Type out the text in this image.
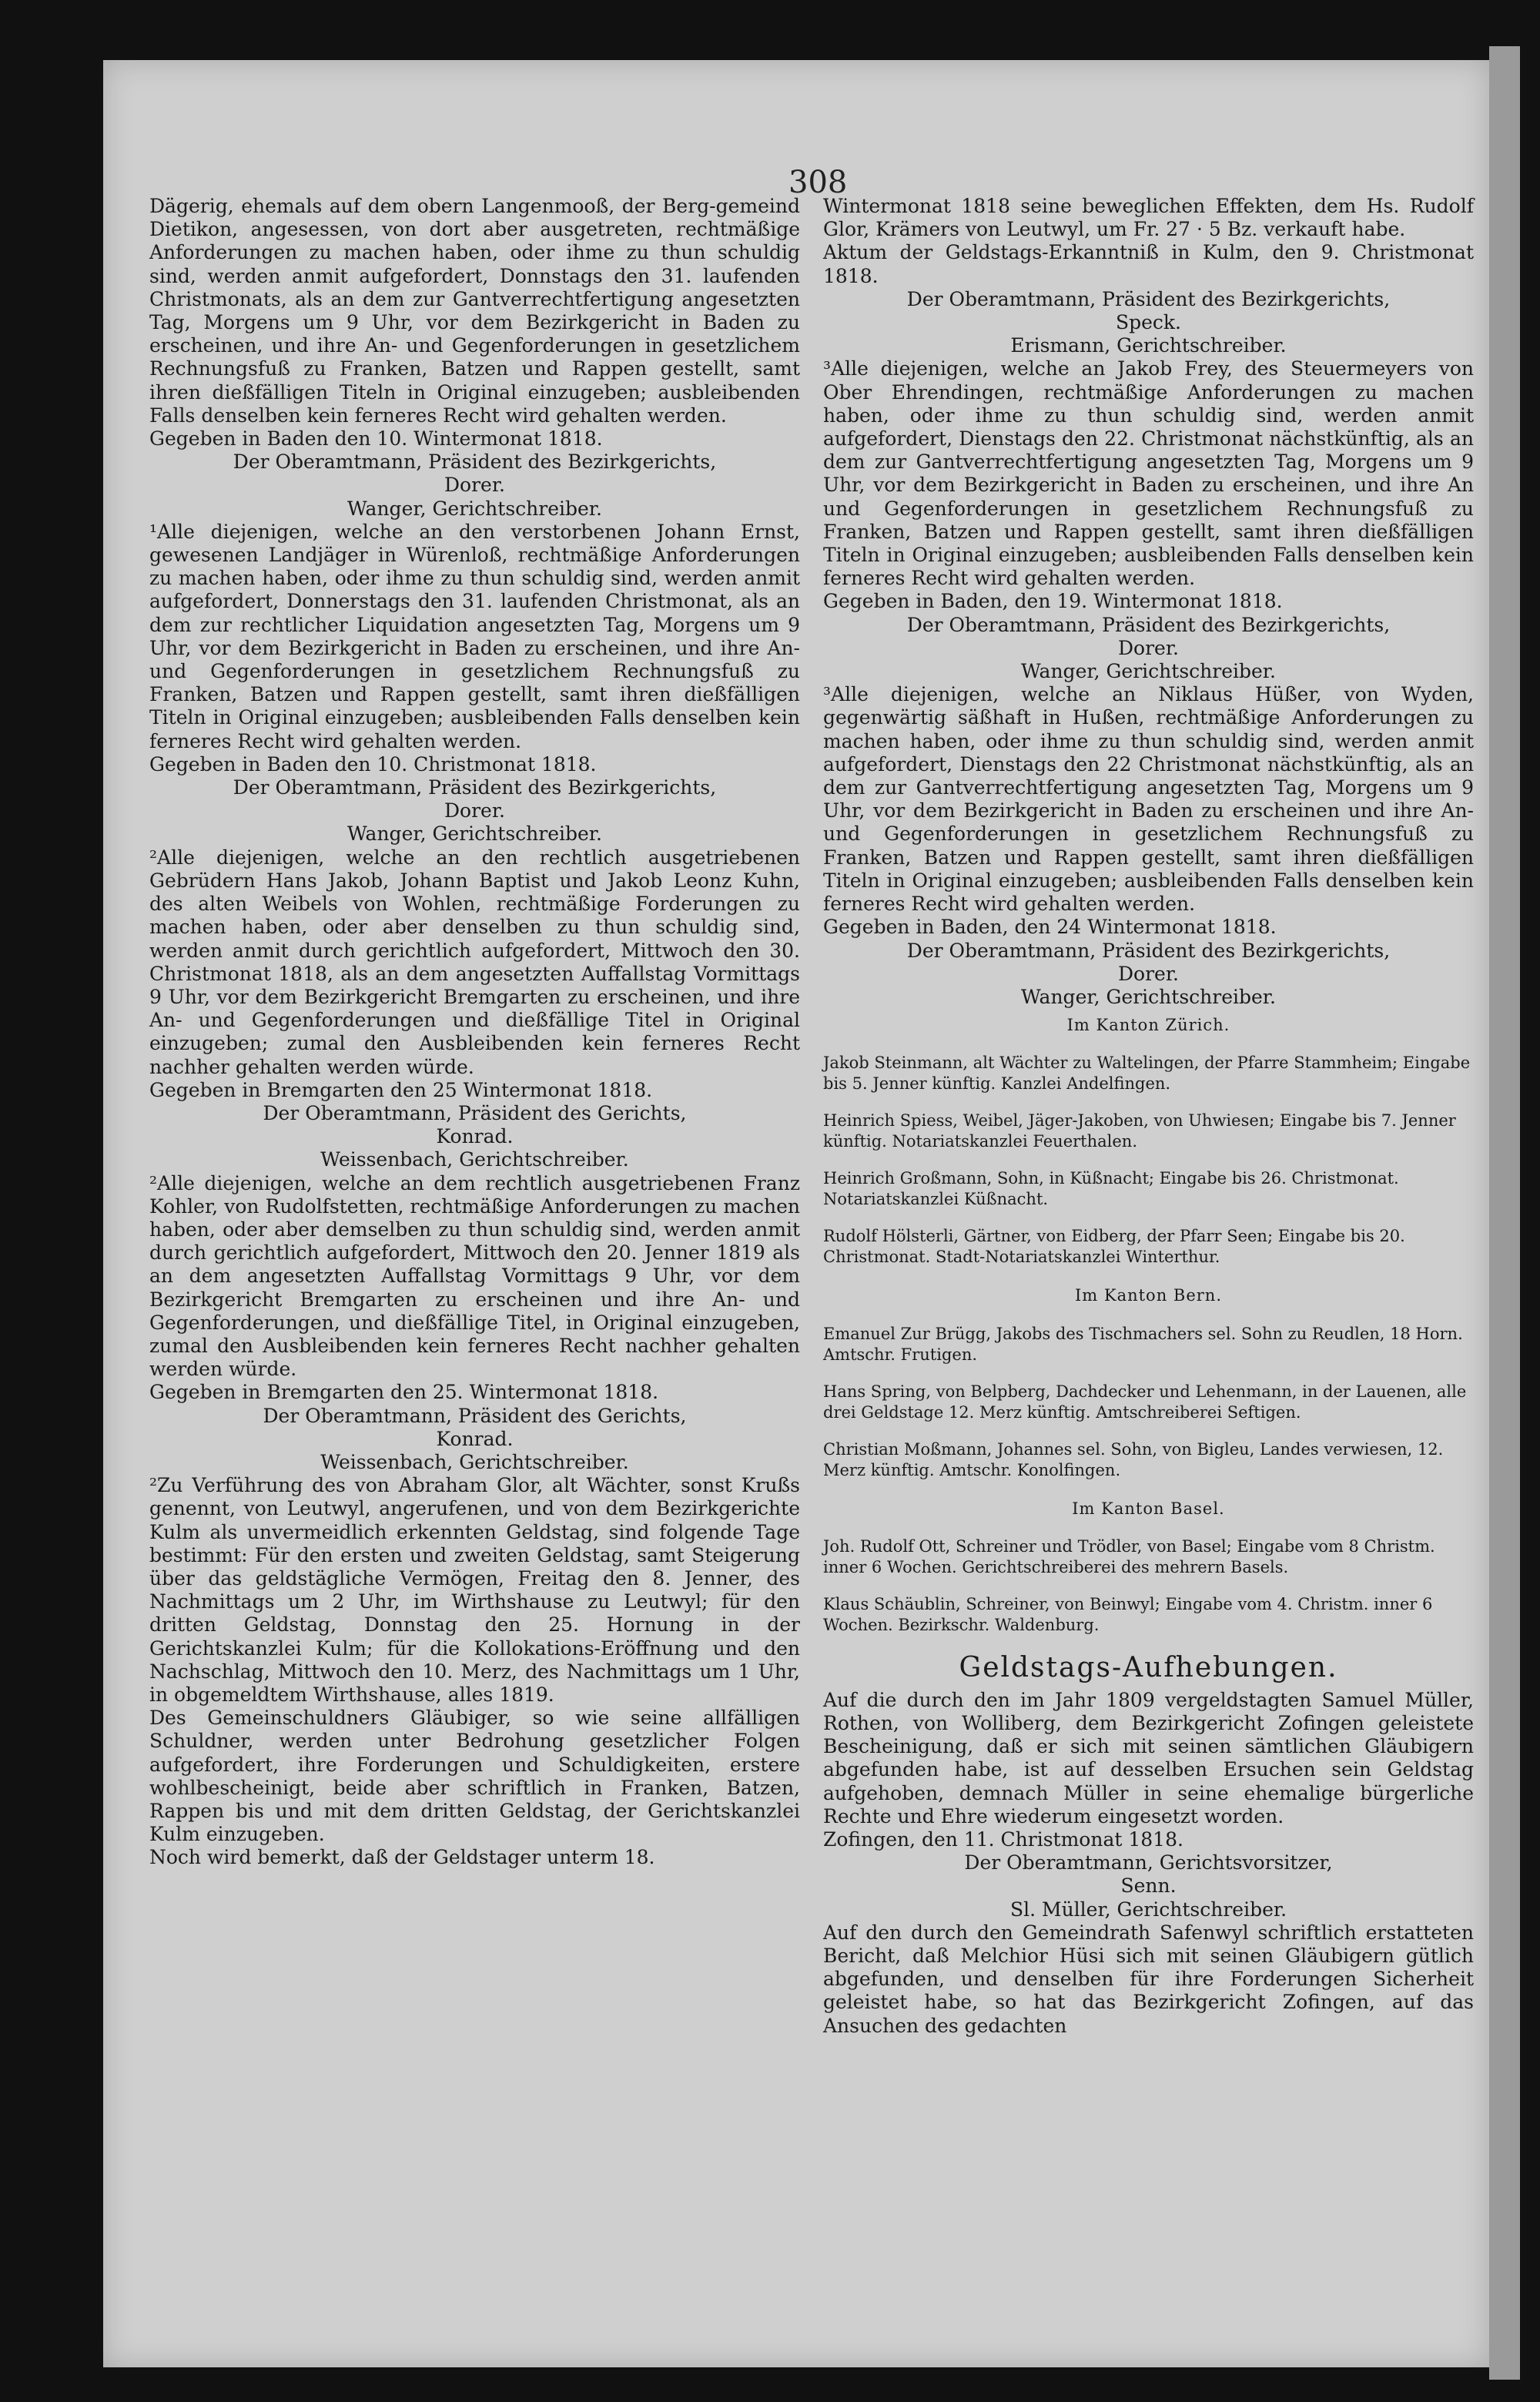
308

Dägerig, ehemals auf dem obern Langenmooß, der Berg-gemeind Dietikon, angesessen, von dort aber ausgetreten, rechtmäßige Anforderungen zu machen haben, oder ihme zu thun schuldig sind, werden anmit aufgefordert, Donnstags den 31. laufenden Christmonats, als an dem zur Gantverrechtfertigung angesetzten Tag, Morgens um 9 Uhr, vor dem Bezirkgericht in Baden zu erscheinen, und ihre An- und Gegenforderungen in gesetzlichem Rechnungsfuß zu Franken, Batzen und Rappen gestellt, samt ihren dießfälligen Titeln in Original einzugeben; ausbleibenden Falls denselben kein ferneres Recht wird gehalten werden.

Gegeben in Baden den 10. Wintermonat 1818.

Der Oberamtmann, Präsident des Bezirkgerichts,

Dorer.

Wanger, Gerichtschreiber.

¹Alle diejenigen, welche an den verstorbenen Johann Ernst, gewesenen Landjäger in Würenloß, rechtmäßige Anforderungen zu machen haben, oder ihme zu thun schuldig sind, werden anmit aufgefordert, Donnerstags den 31. laufenden Christmonat, als an dem zur rechtlicher Liquidation angesetzten Tag, Morgens um 9 Uhr, vor dem Bezirkgericht in Baden zu erscheinen, und ihre An- und Gegenforderungen in gesetzlichem Rechnungsfuß zu Franken, Batzen und Rappen gestellt, samt ihren dießfälligen Titeln in Original einzugeben; ausbleibenden Falls denselben kein ferneres Recht wird gehalten werden.

Gegeben in Baden den 10. Christmonat 1818.

Der Oberamtmann, Präsident des Bezirkgerichts,

Dorer.

Wanger, Gerichtschreiber.

²Alle diejenigen, welche an den rechtlich ausgetriebenen Gebrüdern Hans Jakob, Johann Baptist und Jakob Leonz Kuhn, des alten Weibels von Wohlen, rechtmäßige Forderungen zu machen haben, oder aber denselben zu thun schuldig sind, werden anmit durch gerichtlich aufgefordert, Mittwoch den 30. Christmonat 1818, als an dem angesetzten Auffallstag Vormittags 9 Uhr, vor dem Bezirkgericht Bremgarten zu erscheinen, und ihre An- und Gegenforderungen und dießfällige Titel in Original einzugeben; zumal den Ausbleibenden kein ferneres Recht nachher gehalten werden würde.

Gegeben in Bremgarten den 25 Wintermonat 1818.

Der Oberamtmann, Präsident des Gerichts,

Konrad.

Weissenbach, Gerichtschreiber.

²Alle diejenigen, welche an dem rechtlich ausgetriebenen Franz Kohler, von Rudolfstetten, rechtmäßige Anforderungen zu machen haben, oder aber demselben zu thun schuldig sind, werden anmit durch gerichtlich aufgefordert, Mittwoch den 20. Jenner 1819 als an dem angesetzten Auffallstag Vormittags 9 Uhr, vor dem Bezirkgericht Bremgarten zu erscheinen und ihre An- und Gegenforderungen, und dießfällige Titel, in Original einzugeben, zumal den Ausbleibenden kein ferneres Recht nachher gehalten werden würde.

Gegeben in Bremgarten den 25. Wintermonat 1818.

Der Oberamtmann, Präsident des Gerichts,

Konrad.

Weissenbach, Gerichtschreiber.

²Zu Verführung des von Abraham Glor, alt Wächter, sonst Krußs genennt, von Leutwyl, angerufenen, und von dem Bezirkgerichte Kulm als unvermeidlich erkennten Geldstag, sind folgende Tage bestimmt: Für den ersten und zweiten Geldstag, samt Steigerung über das geldstägliche Vermögen, Freitag den 8. Jenner, des Nachmittags um 2 Uhr, im Wirthshause zu Leutwyl; für den dritten Geldstag, Donnstag den 25. Hornung in der Gerichtskanzlei Kulm; für die Kollokations-Eröffnung und den Nachschlag, Mittwoch den 10. Merz, des Nachmittags um 1 Uhr, in obgemeldtem Wirthshause, alles 1819.

Des Gemeinschuldners Gläubiger, so wie seine allfälligen Schuldner, werden unter Bedrohung gesetzlicher Folgen aufgefordert, ihre Forderungen und Schuldigkeiten, erstere wohlbescheinigt, beide aber schriftlich in Franken, Batzen, Rappen bis und mit dem dritten Geldstag, der Gerichtskanzlei Kulm einzugeben.

Noch wird bemerkt, daß der Geldstager unterm 18.

Wintermonat 1818 seine beweglichen Effekten, dem Hs. Rudolf Glor, Krämers von Leutwyl, um Fr. 27 · 5 Bz. verkauft habe.

Aktum der Geldstags-Erkanntniß in Kulm, den 9. Christmonat 1818.

Der Oberamtmann, Präsident des Bezirkgerichts,

Speck.

Erismann, Gerichtschreiber.

³Alle diejenigen, welche an Jakob Frey, des Steuermeyers von Ober Ehrendingen, rechtmäßige Anforderungen zu machen haben, oder ihme zu thun schuldig sind, werden anmit aufgefordert, Dienstags den 22. Christmonat nächstkünftig, als an dem zur Gantverrechtfertigung angesetzten Tag, Morgens um 9 Uhr, vor dem Bezirkgericht in Baden zu erscheinen, und ihre An und Gegenforderungen in gesetzlichem Rechnungsfuß zu Franken, Batzen und Rappen gestellt, samt ihren dießfälligen Titeln in Original einzugeben; ausbleibenden Falls denselben kein ferneres Recht wird gehalten werden.

Gegeben in Baden, den 19. Wintermonat 1818.

Der Oberamtmann, Präsident des Bezirkgerichts,

Dorer.

Wanger, Gerichtschreiber.

³Alle diejenigen, welche an Niklaus Hüßer, von Wyden, gegenwärtig säßhaft in Hußen, rechtmäßige Anforderungen zu machen haben, oder ihme zu thun schuldig sind, werden anmit aufgefordert, Dienstags den 22 Christmonat nächstkünftig, als an dem zur Gantverrechtfertigung angesetzten Tag, Morgens um 9 Uhr, vor dem Bezirkgericht in Baden zu erscheinen und ihre An- und Gegenforderungen in gesetzlichem Rechnungsfuß zu Franken, Batzen und Rappen gestellt, samt ihren dießfälligen Titeln in Original einzugeben; ausbleibenden Falls denselben kein ferneres Recht wird gehalten werden.

Gegeben in Baden, den 24 Wintermonat 1818.

Der Oberamtmann, Präsident des Bezirkgerichts,

Dorer.

Wanger, Gerichtschreiber.

Im Kanton Zürich.

Jakob Steinmann, alt Wächter zu Waltelingen, der Pfarre Stammheim; Eingabe bis 5. Jenner künftig. Kanzlei Andelfingen.

Heinrich Spiess, Weibel, Jäger-Jakoben, von Uhwiesen; Eingabe bis 7. Jenner künftig. Notariatskanzlei Feuerthalen.

Heinrich Großmann, Sohn, in Küßnacht; Eingabe bis 26. Christmonat. Notariatskanzlei Küßnacht.

Rudolf Hölsterli, Gärtner, von Eidberg, der Pfarr Seen; Eingabe bis 20. Christmonat. Stadt-Notariatskanzlei Winterthur.

Im Kanton Bern.

Emanuel Zur Brügg, Jakobs des Tischmachers sel. Sohn zu Reudlen, 18 Horn. Amtschr. Frutigen.

Hans Spring, von Belpberg, Dachdecker und Lehenmann, in der Lauenen, alle drei Geldstage 12. Merz künftig. Amtschreiberei Seftigen.

Christian Moßmann, Johannes sel. Sohn, von Bigleu, Landes verwiesen, 12. Merz künftig. Amtschr. Konolfingen.

Im Kanton Basel.

Joh. Rudolf Ott, Schreiner und Trödler, von Basel; Eingabe vom 8 Christm. inner 6 Wochen. Gerichtschreiberei des mehrern Basels.

Klaus Schäublin, Schreiner, von Beinwyl; Eingabe vom 4. Christm. inner 6 Wochen. Bezirkschr. Waldenburg.

Geldstags-Aufhebungen.

Auf die durch den im Jahr 1809 vergeldstagten Samuel Müller, Rothen, von Wolliberg, dem Bezirkgericht Zofingen geleistete Bescheinigung, daß er sich mit seinen sämtlichen Gläubigern abgefunden habe, ist auf desselben Ersuchen sein Geldstag aufgehoben, demnach Müller in seine ehemalige bürgerliche Rechte und Ehre wiederum eingesetzt worden.

Zofingen, den 11. Christmonat 1818.

Der Oberamtmann, Gerichtsvorsitzer,

Senn.

Sl. Müller, Gerichtschreiber.

Auf den durch den Gemeindrath Safenwyl schriftlich erstatteten Bericht, daß Melchior Hüsi sich mit seinen Gläubigern gütlich abgefunden, und denselben für ihre Forderungen Sicherheit geleistet habe, so hat das Bezirkgericht Zofingen, auf das Ansuchen des gedachten
